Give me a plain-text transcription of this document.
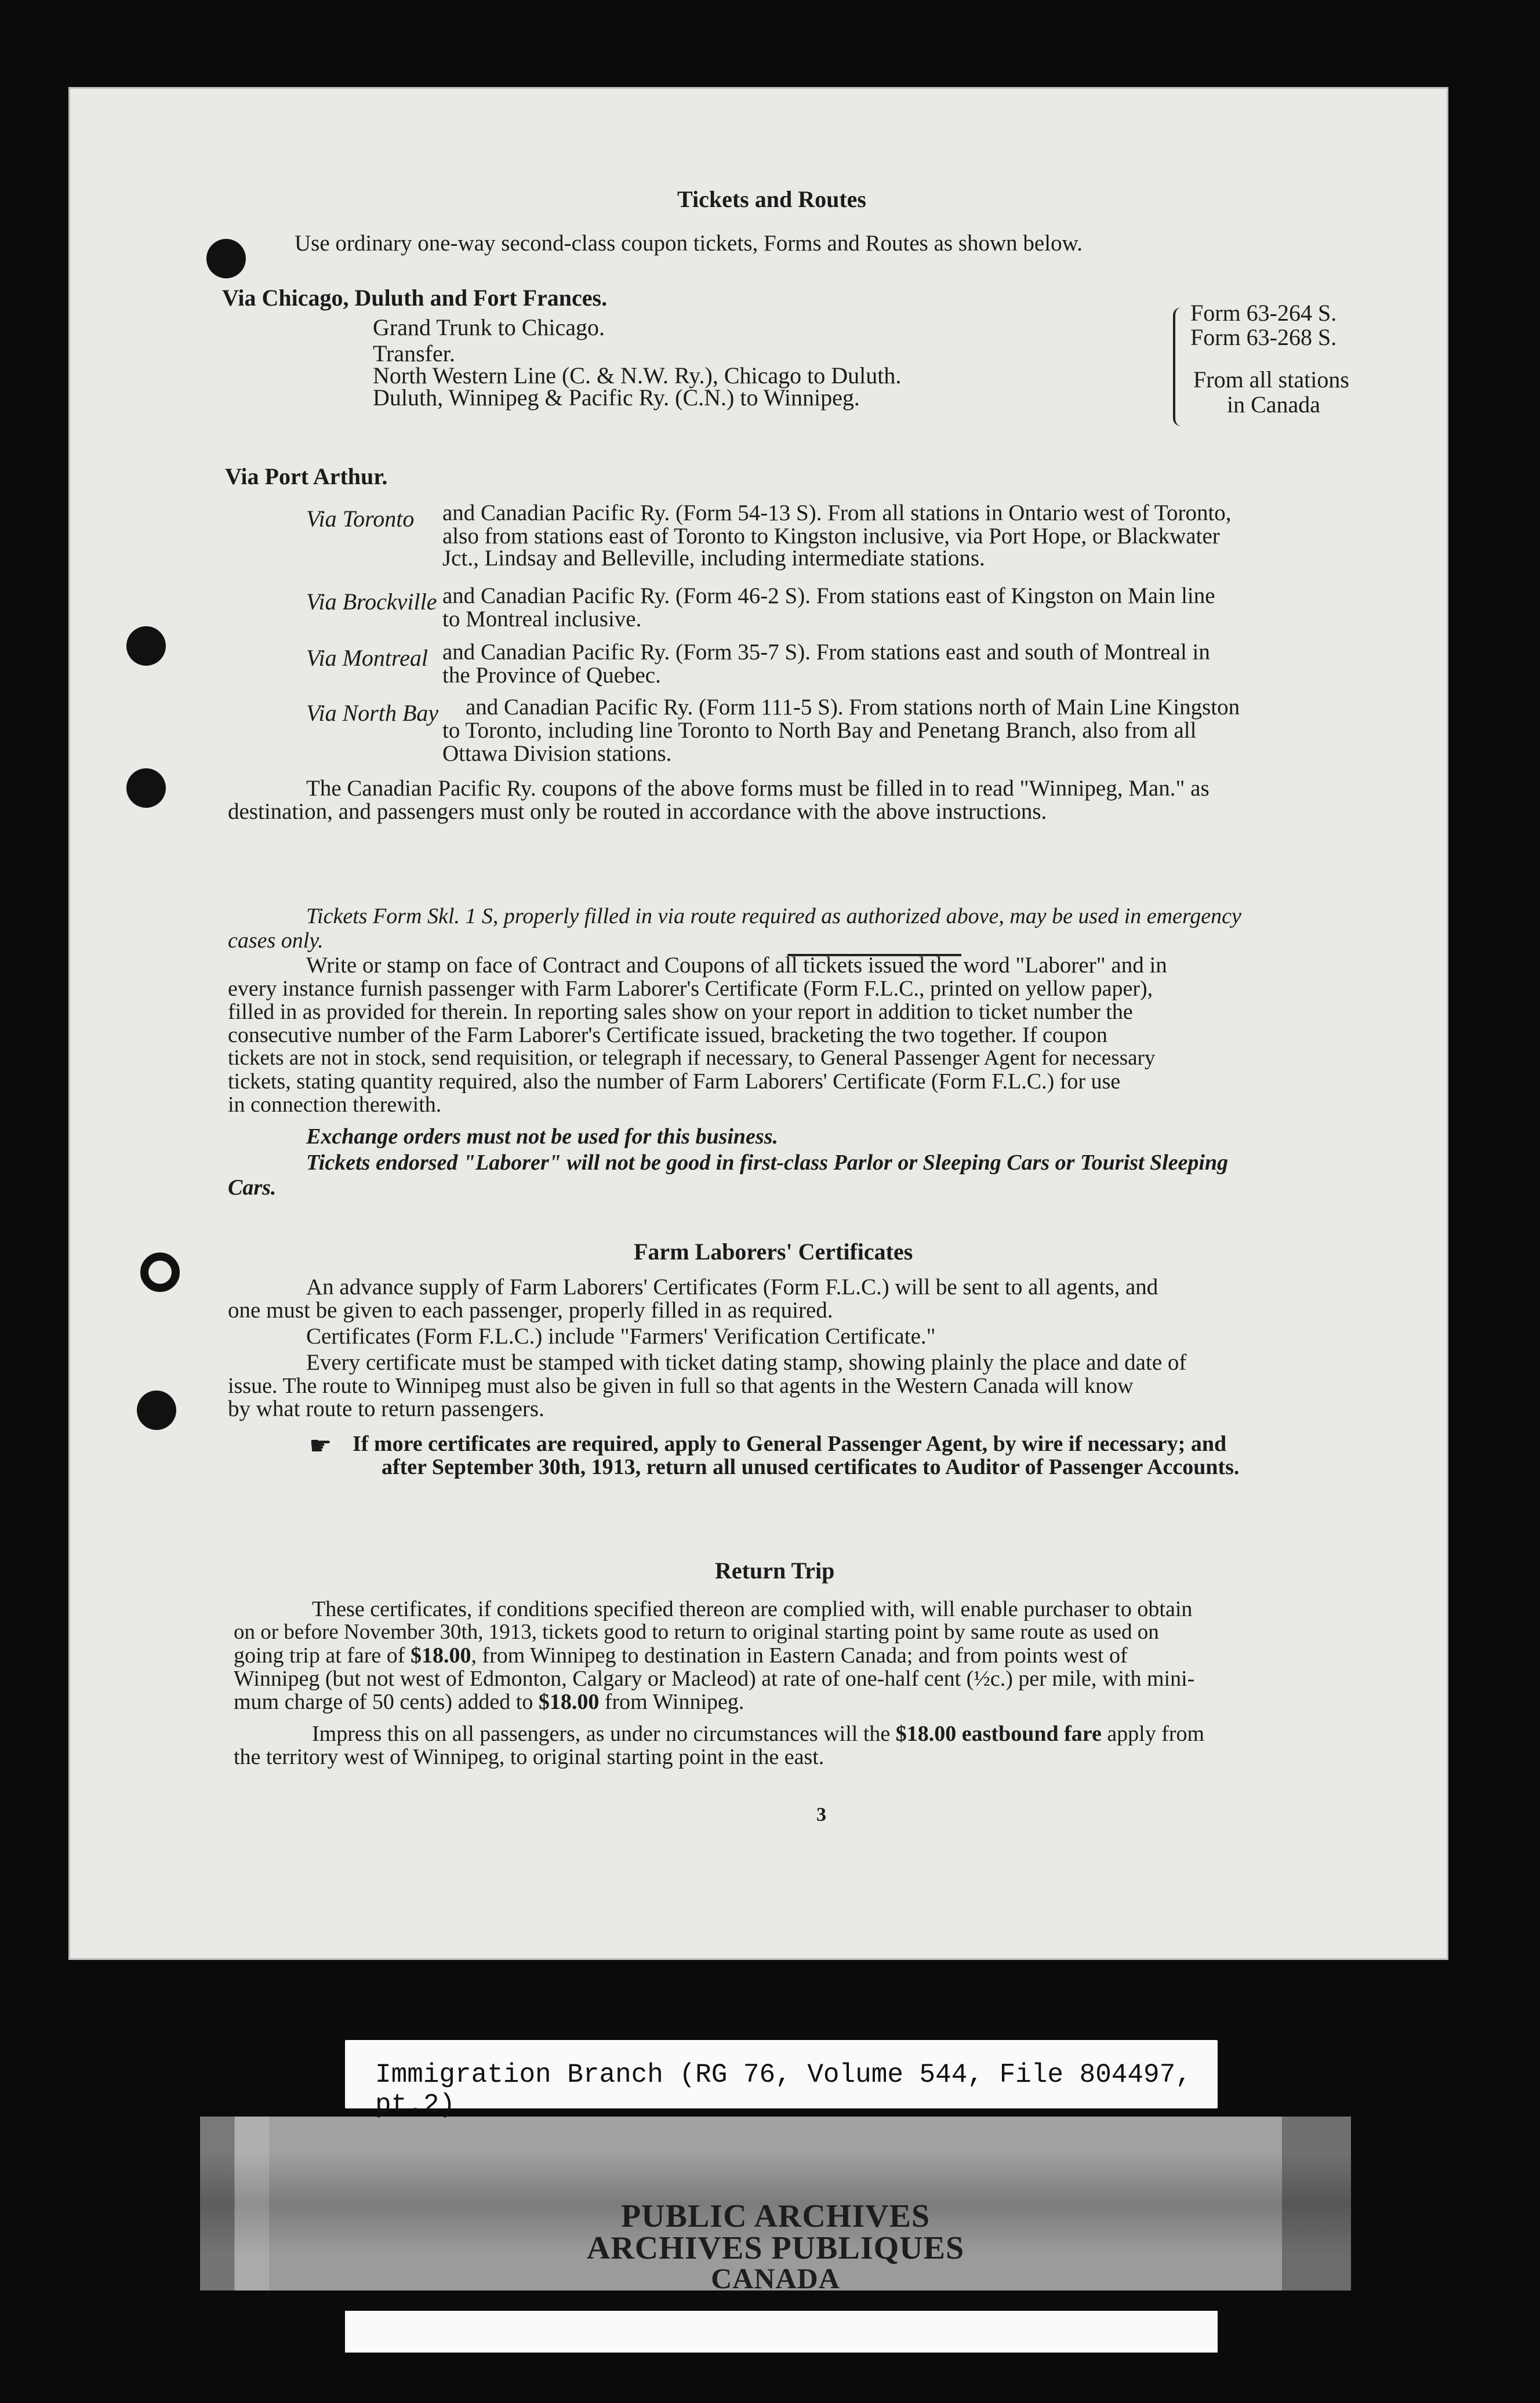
Tickets and Routes
Use ordinary one-way second-class coupon tickets, Forms and Routes as shown below.
Via Chicago, Duluth and Fort Frances.
Grand Trunk to Chicago.
Transfer.
North Western Line (C. & N.W. Ry.), Chicago to Duluth.
Duluth, Winnipeg & Pacific Ry. (C.N.) to Winnipeg.
Form 63-264 S.
Form 63-268 S.
From all stations
in Canada
Via Port Arthur.
Via Toronto and Canadian Pacific Ry. (Form 54-13 S). From all stations in Ontario west of Toronto,
also from stations east of Toronto to Kingston inclusive, via Port Hope, or Blackwater
Jct., Lindsay and Belleville, including intermediate stations.
Via Brockville and Canadian Pacific Ry. (Form 46-2 S). From stations east of Kingston on Main line
to Montreal inclusive.
Via Montreal and Canadian Pacific Ry. (Form 35-7 S). From stations east and south of Montreal in
the Province of Quebec.
Via North Bay and Canadian Pacific Ry. (Form 111-5 S). From stations north of Main Line Kingston
to Toronto, including line Toronto to North Bay and Penetang Branch, also from all
Ottawa Division stations.
The Canadian Pacific Ry. coupons of the above forms must be filled in to read "Winnipeg, Man." as
destination, and passengers must only be routed in accordance with the above instructions.
Tickets Form Skl. 1 S, properly filled in via route required as authorized above, may be used in emergency
cases only.
Write or stamp on face of Contract and Coupons of all tickets issued the word "Laborer" and in
every instance furnish passenger with Farm Laborer's Certificate (Form F.L.C., printed on yellow paper),
filled in as provided for therein. In reporting sales show on your report in addition to ticket number the
consecutive number of the Farm Laborer's Certificate issued, bracketing the two together. If coupon
tickets are not in stock, send requisition, or telegraph if necessary, to General Passenger Agent for necessary
tickets, stating quantity required, also the number of Farm Laborers' Certificate (Form F.L.C.) for use
in connection therewith.
Exchange orders must not be used for this business.
Tickets endorsed "Laborer" will not be good in first-class Parlor or Sleeping Cars or Tourist Sleeping
Cars.
Farm Laborers' Certificates
An advance supply of Farm Laborers' Certificates (Form F.L.C.) will be sent to all agents, and
one must be given to each passenger, properly filled in as required.
Certificates (Form F.L.C.) include "Farmers' Verification Certificate."
Every certificate must be stamped with ticket dating stamp, showing plainly the place and date of
issue. The route to Winnipeg must also be given in full so that agents in the Western Canada will know
by what route to return passengers.
☛ If more certificates are required, apply to General Passenger Agent, by wire if necessary; and
after September 30th, 1913, return all unused certificates to Auditor of Passenger Accounts.
Return Trip
These certificates, if conditions specified thereon are complied with, will enable purchaser to obtain
on or before November 30th, 1913, tickets good to return to original starting point by same route as used on
going trip at fare of $18.00, from Winnipeg to destination in Eastern Canada; and from points west of
Winnipeg (but not west of Edmonton, Calgary or Macleod) at rate of one-half cent (½c.) per mile, with mini-
mum charge of 50 cents) added to $18.00 from Winnipeg.
Impress this on all passengers, as under no circumstances will the $18.00 eastbound fare apply from
the territory west of Winnipeg, to original starting point in the east.
3
PUBLIC ARCHIVES
ARCHIVES PUBLIQUES
CANADA
Immigration Branch (RG 76, Volume 544, File 804497, pt.2)
